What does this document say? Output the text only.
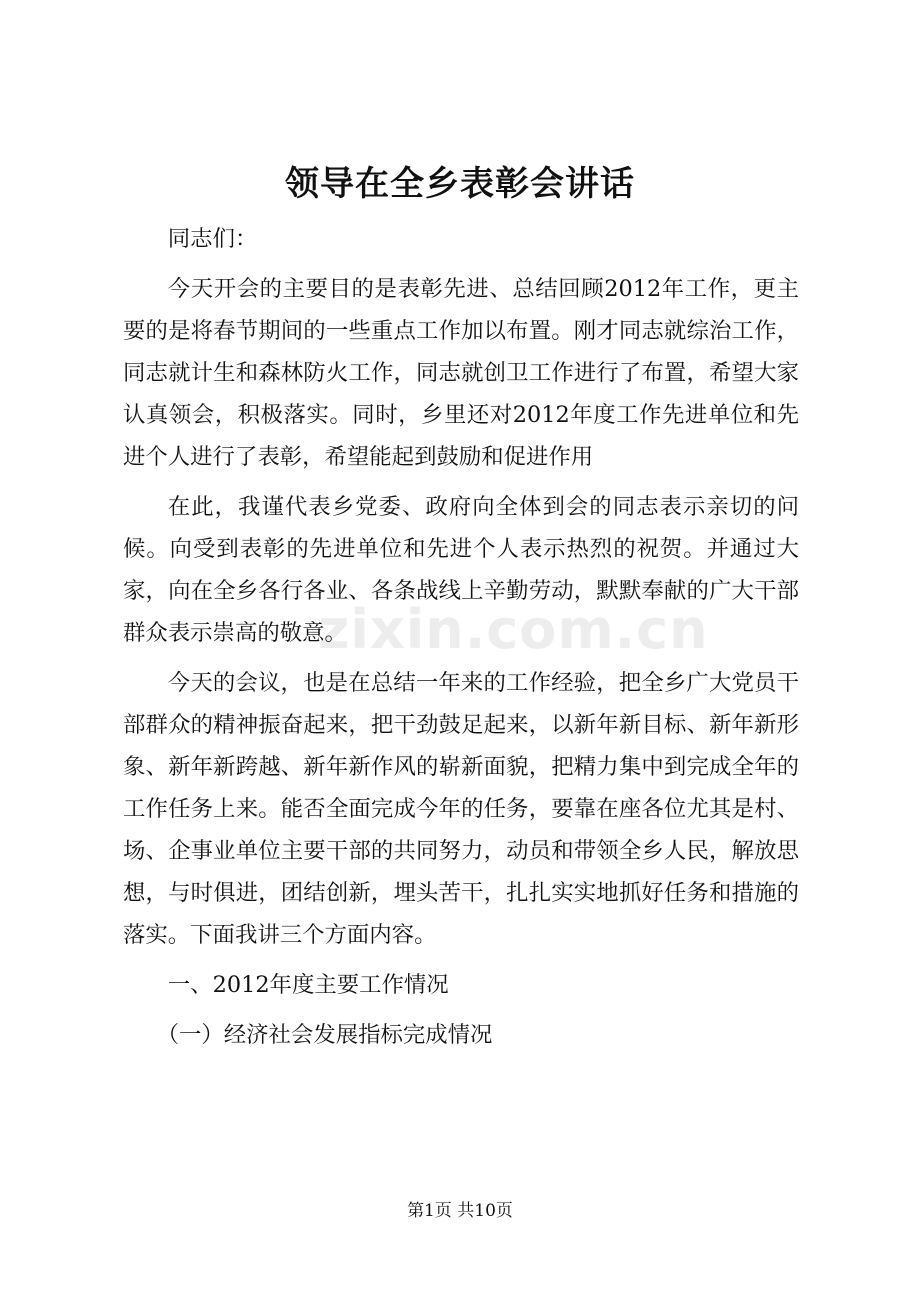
zixin.com.cn
领导在全乡表彰会讲话

同志们：

今天开会的主要目的是表彰先进、总结回顾2012年工作，更主要的是将春节期间的一些重点工作加以布置。刚才同志就综治工作，同志就计生和森林防火工作，同志就创卫工作进行了布置，希望大家认真领会，积极落实。同时，乡里还对2012年度工作先进单位和先进个人进行了表彰，希望能起到鼓励和促进作用

在此，我谨代表乡党委、政府向全体到会的同志表示亲切的问候。向受到表彰的先进单位和先进个人表示热烈的祝贺。并通过大家，向在全乡各行各业、各条战线上辛勤劳动，默默奉献的广大干部群众表示崇高的敬意。

今天的会议，也是在总结一年来的工作经验，把全乡广大党员干部群众的精神振奋起来，把干劲鼓足起来，以新年新目标、新年新形象、新年新跨越、新年新作风的崭新面貌，把精力集中到完成全年的工作任务上来。能否全面完成今年的任务，要靠在座各位尤其是村、场、企事业单位主要干部的共同努力，动员和带领全乡人民，解放思想，与时俱进，团结创新，埋头苦干，扎扎实实地抓好任务和措施的落实。下面我讲三个方面内容。

一、2012年度主要工作情况

（一）经济社会发展指标完成情况

第1页 共10页
